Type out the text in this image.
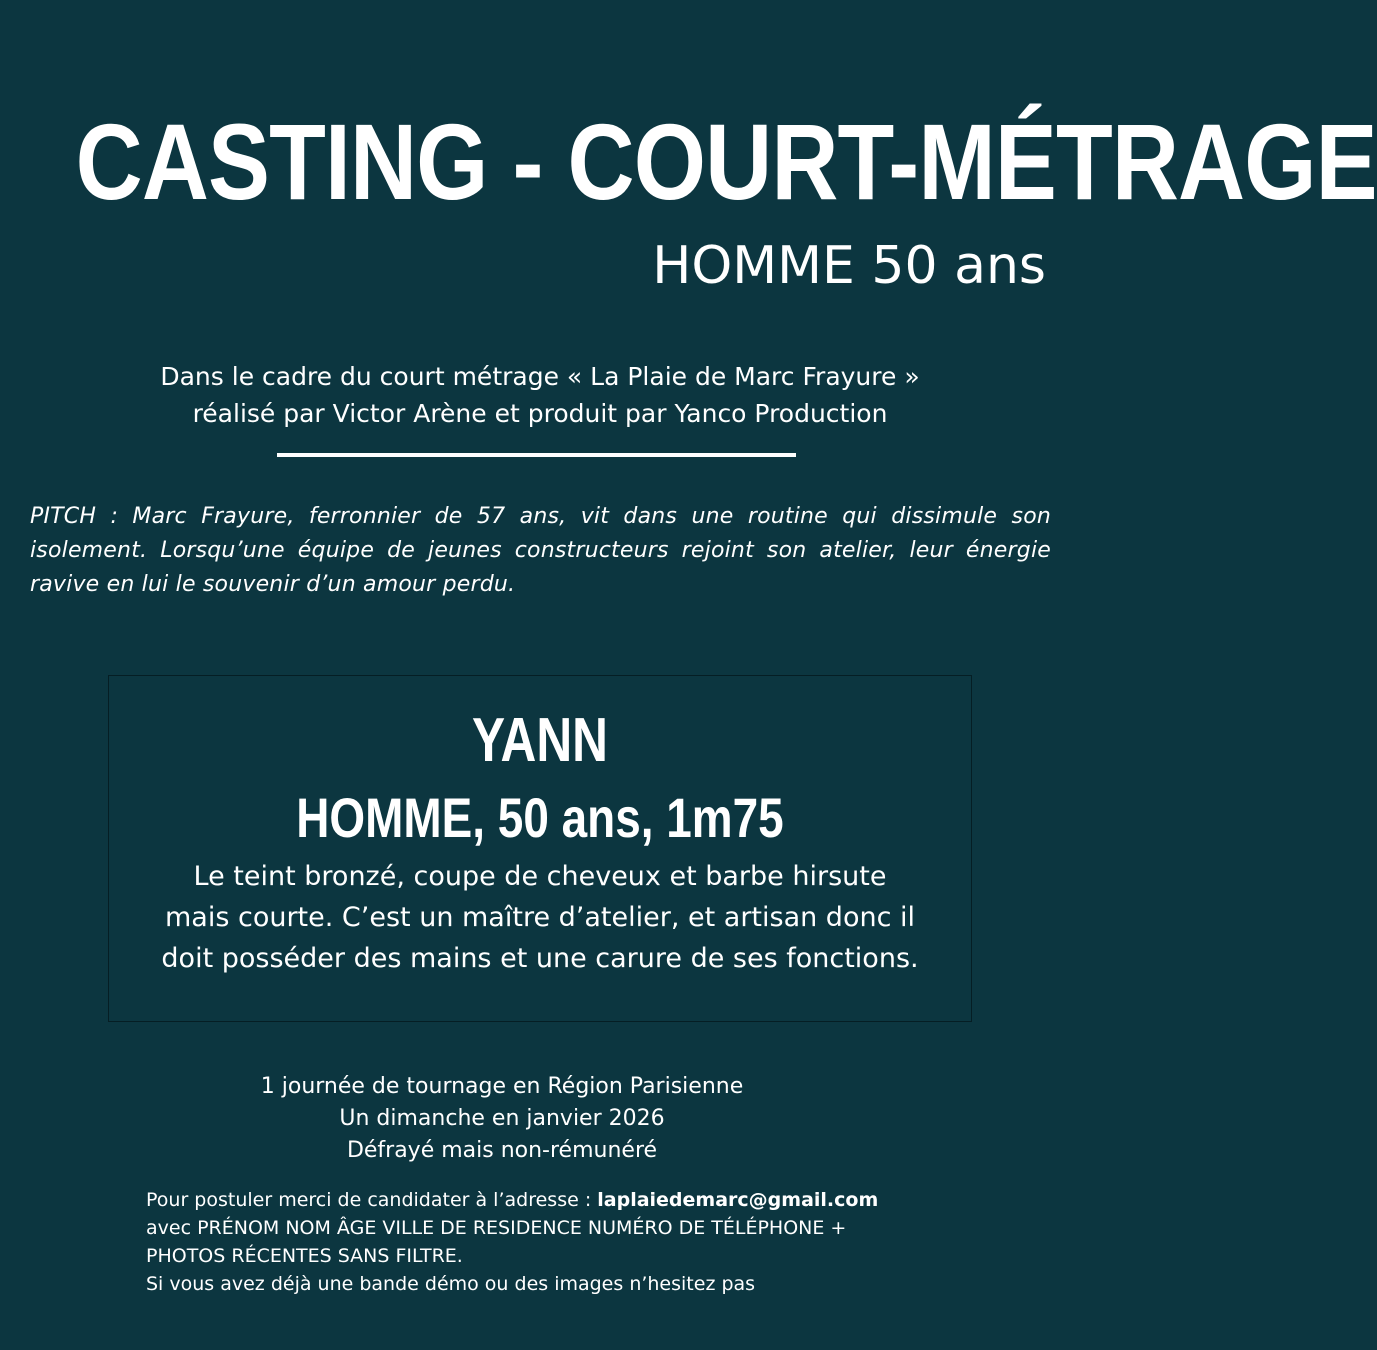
CASTING - COURT-MÉTRAGE
HOMME 50 ans
Dans le cadre du court métrage « La Plaie de Marc Frayure »
réalisé par Victor Arène et produit par Yanco Production

PITCH : Marc Frayure, ferronnier de 57 ans, vit dans une routine qui dissimule son isolement. Lorsqu’une équipe de jeunes constructeurs rejoint son atelier, leur énergie ravive en lui le souvenir d’un amour perdu.

YANN
HOMME, 50 ans, 1m75
Le teint bronzé, coupe de cheveux et barbe hirsute
mais courte. C’est un maître d’atelier, et artisan donc il
doit posséder des mains et une carure de ses fonctions.
1 journée de tournage en Région Parisienne
Un dimanche en janvier 2026
Défrayé mais non-rémunéré
Pour postuler merci de candidater à l’adresse : laplaiedemarc@gmail.com
avec PRÉNOM NOM ÂGE VILLE DE RESIDENCE NUMÉRO DE TÉLÉPHONE +
PHOTOS RÉCENTES SANS FILTRE.
Si vous avez déjà une bande démo ou des images n’hesitez pas
